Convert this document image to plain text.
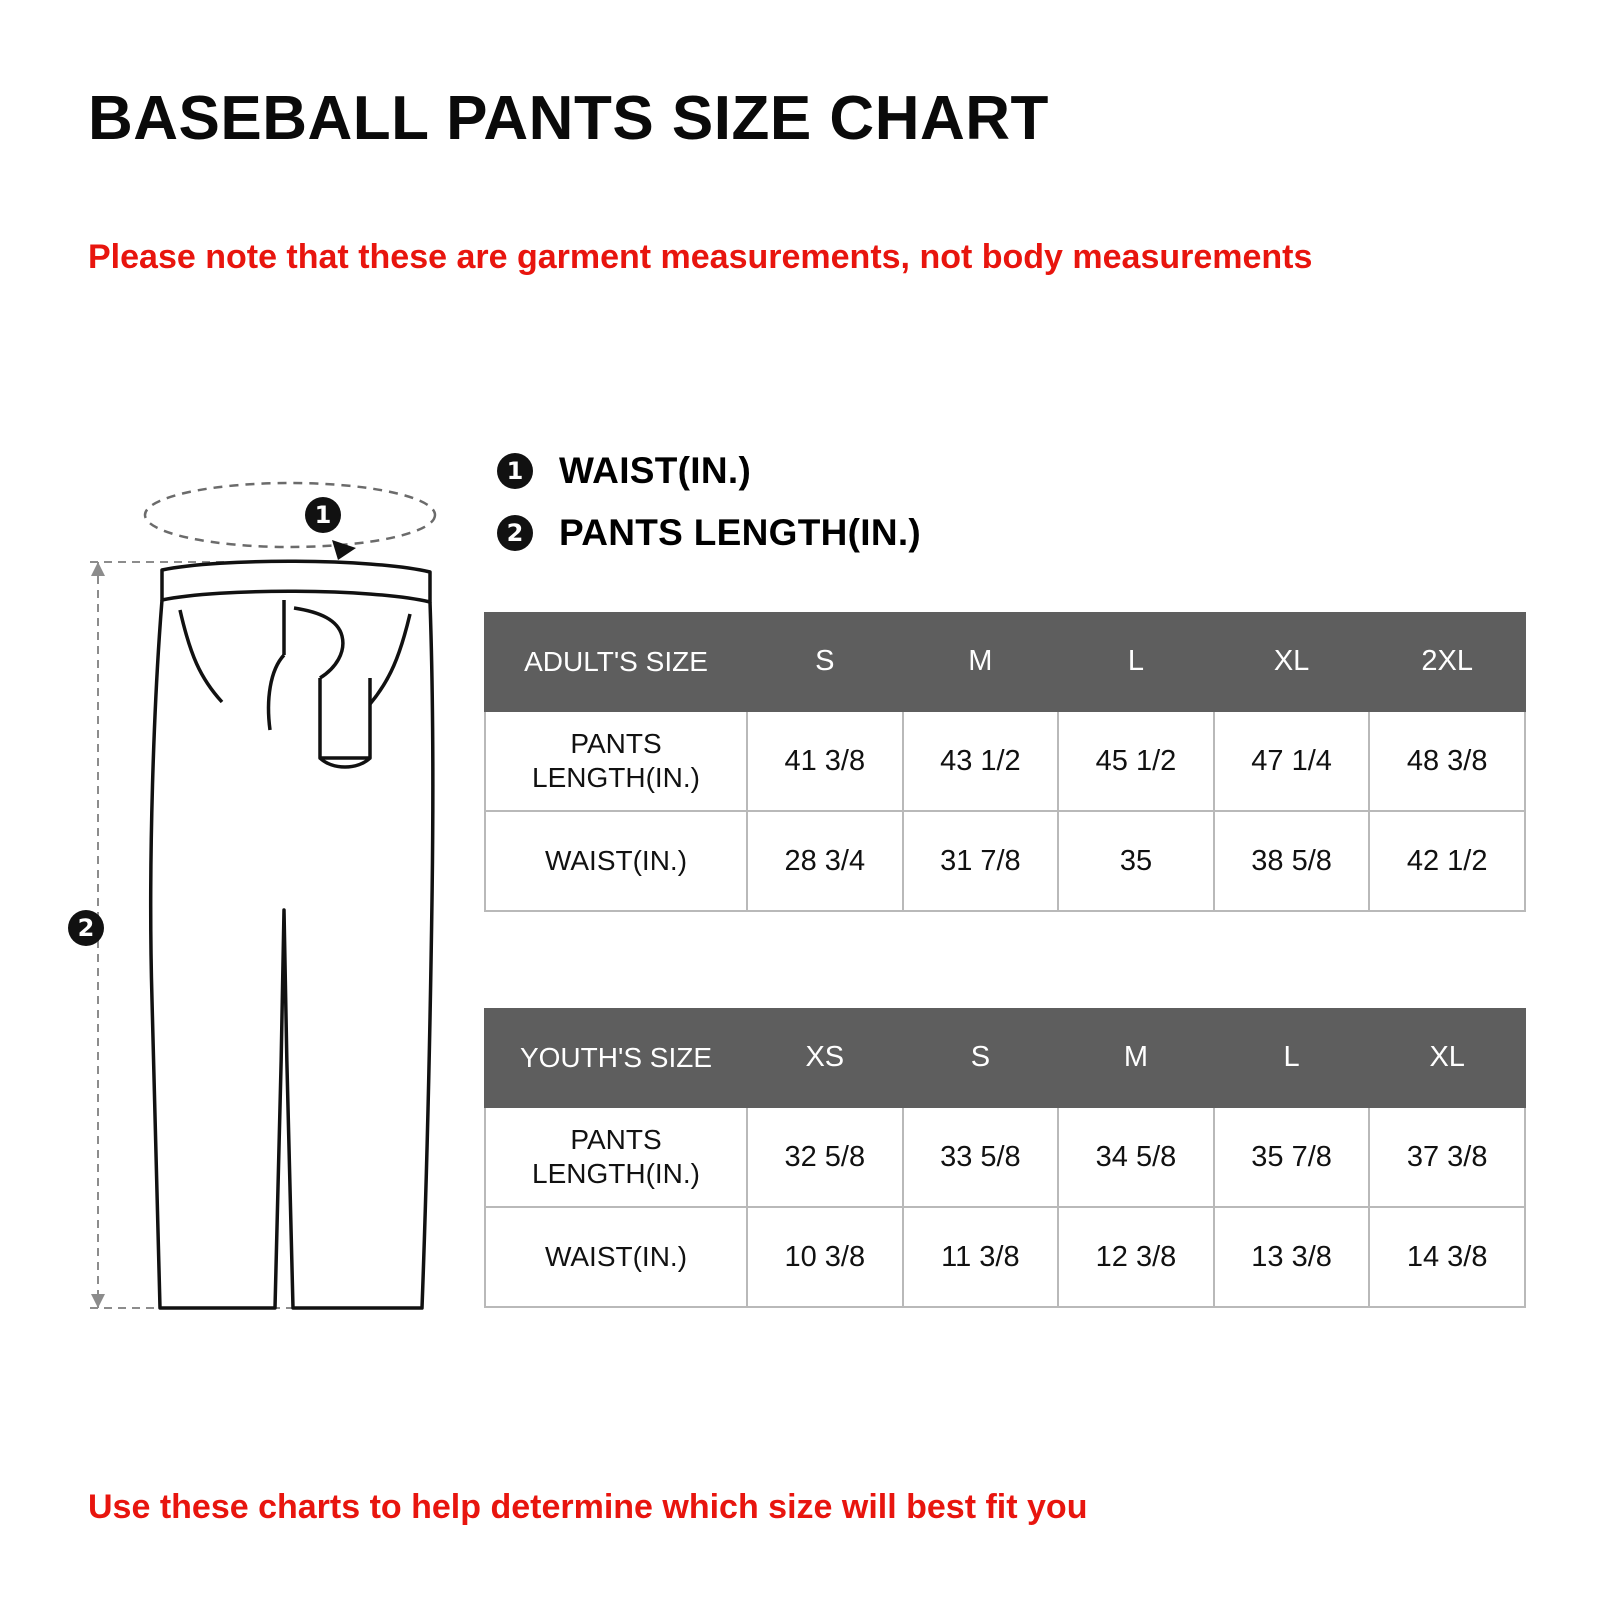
BASEBALL PANTS SIZE CHART
Please note that these are garment measurements, not body measurements
1
2
1 WAIST(IN.)
2 PANTS LENGTH(IN.)
ADULT'S SIZE	S	M	L	XL	2XL
PANTS LENGTH(IN.)	41 3/8	43 1/2	45 1/2	47 1/4	48 3/8
WAIST(IN.)	28 3/4	31 7/8	35	38 5/8	42 1/2
YOUTH'S SIZE	XS	S	M	L	XL
PANTS LENGTH(IN.)	32 5/8	33 5/8	34 5/8	35 7/8	37 3/8
WAIST(IN.)	10 3/8	11 3/8	12 3/8	13 3/8	14 3/8
Use these charts to help determine which size will best fit you
